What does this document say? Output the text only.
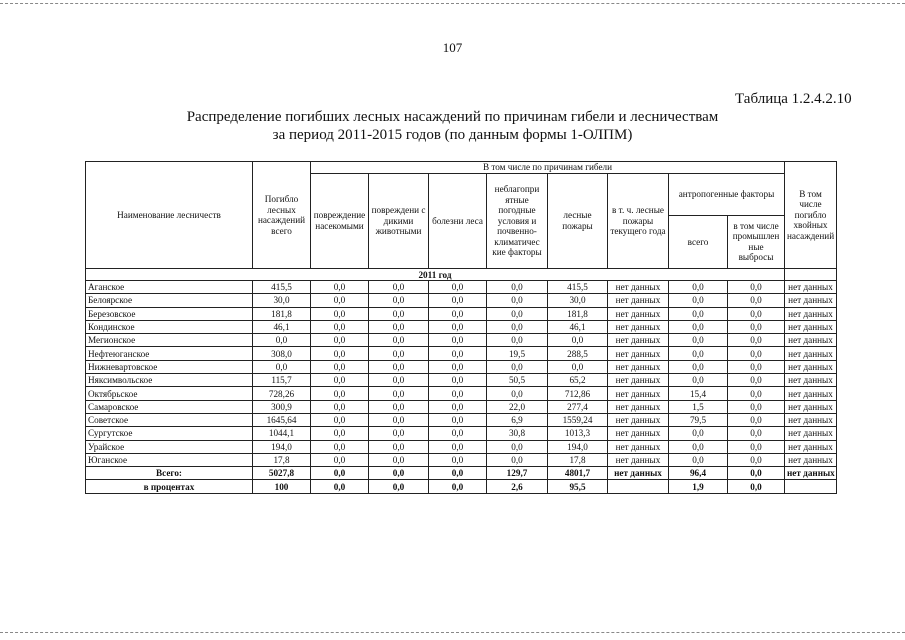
107
Таблица 1.2.4.2.10
Распределение погибших лесных насаждений по причинам гибели и лесничествам
за период 2011-2015 годов (по данным формы 1-ОЛПМ)
Наименование лесничеств	Погибло лесных насаждений всего	В том числе по причинам гибели								В том числе погибло хвойных насаждений
		повреждение насекомыми	повреждени с дикими животными	болезни леса	неблагопри ятные погодные условия и почвенно-климатичес кие факторы	лесные пожары	в т. ч. лесные пожары текущего года	антропогенные факторы		
								всего	в том числе промышлен ные выбросы	
2011 год										
Аганское	415,5	0,0	0,0	0,0	0,0	415,5	нет данных	0,0	0,0	нет данных
Белоярское	30,0	0,0	0,0	0,0	0,0	30,0	нет данных	0,0	0,0	нет данных
Березовское	181,8	0,0	0,0	0,0	0,0	181,8	нет данных	0,0	0,0	нет данных
Кондинское	46,1	0,0	0,0	0,0	0,0	46,1	нет данных	0,0	0,0	нет данных
Мегионское	0,0	0,0	0,0	0,0	0,0	0,0	нет данных	0,0	0,0	нет данных
Нефтеюганское	308,0	0,0	0,0	0,0	19,5	288,5	нет данных	0,0	0,0	нет данных
Нижневартовское	0,0	0,0	0,0	0,0	0,0	0,0	нет данных	0,0	0,0	нет данных
Няксимвольское	115,7	0,0	0,0	0,0	50,5	65,2	нет данных	0,0	0,0	нет данных
Октябрьское	728,26	0,0	0,0	0,0	0,0	712,86	нет данных	15,4	0,0	нет данных
Самаровское	300,9	0,0	0,0	0,0	22,0	277,4	нет данных	1,5	0,0	нет данных
Советское	1645,64	0,0	0,0	0,0	6,9	1559,24	нет данных	79,5	0,0	нет данных
Сургутское	1044,1	0,0	0,0	0,0	30,8	1013,3	нет данных	0,0	0,0	нет данных
Урайское	194,0	0,0	0,0	0,0	0,0	194,0	нет данных	0,0	0,0	нет данных
Юганское	17,8	0,0	0,0	0,0	0,0	17,8	нет данных	0,0	0,0	нет данных
Всего:	5027,8	0,0	0,0	0,0	129,7	4801,7	нет данных	96,4	0,0	нет данных
в процентах	100	0,0	0,0	0,0	2,6	95,5		1,9	0,0	
